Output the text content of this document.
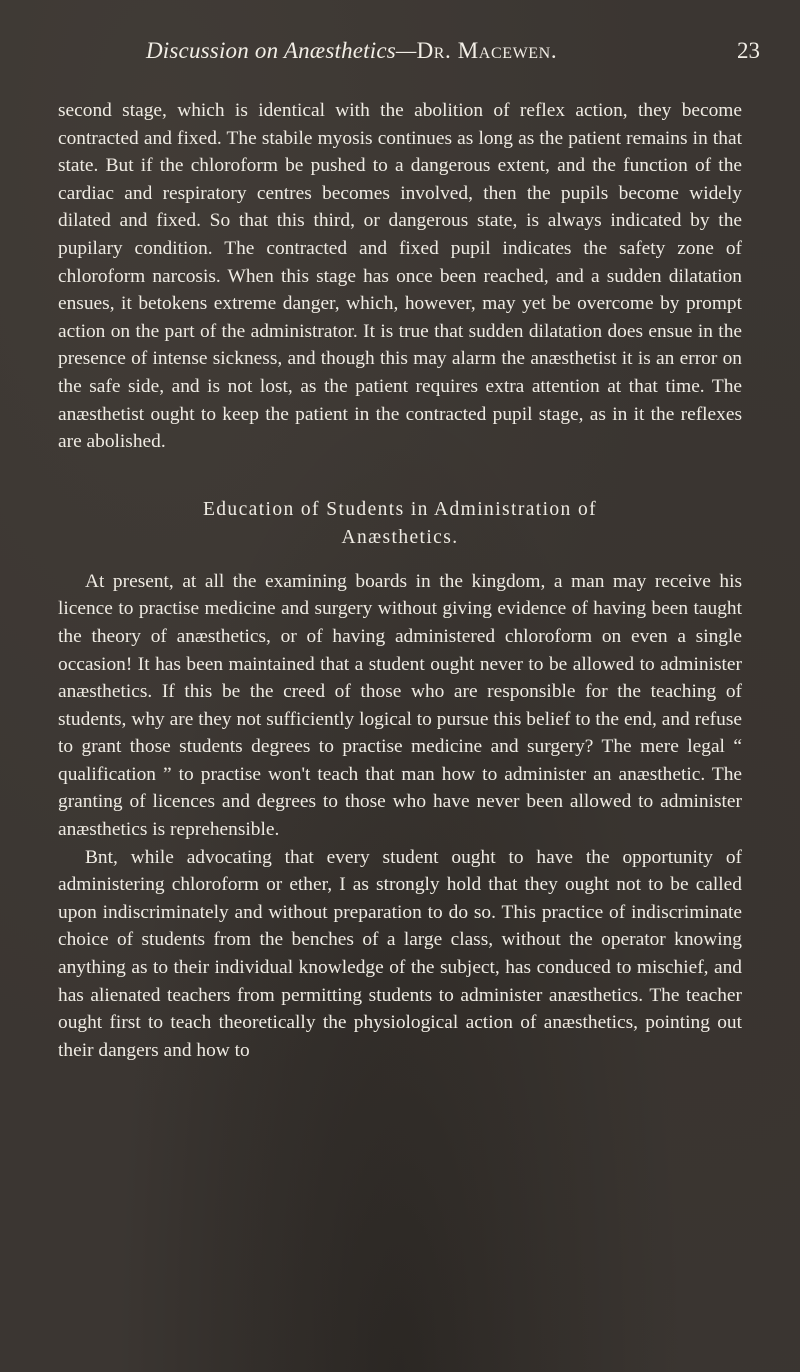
Discussion on Anæsthetics—Dr. Macewen.	23

second stage, which is identical with the abolition of reflex action, they become contracted and fixed. The stabile myosis continues as long as the patient remains in that state. But if the chloroform be pushed to a dangerous extent, and the function of the cardiac and respiratory centres becomes involved, then the pupils become widely dilated and fixed. So that this third, or dangerous state, is always indicated by the pupilary condition. The contracted and fixed pupil indicates the safety zone of chloroform narcosis. When this stage has once been reached, and a sudden dilatation ensues, it betokens extreme danger, which, however, may yet be overcome by prompt action on the part of the administrator. It is true that sudden dilatation does ensue in the presence of intense sickness, and though this may alarm the anæsthetist it is an error on the safe side, and is not lost, as the patient requires extra attention at that time. The anæsthetist ought to keep the patient in the contracted pupil stage, as in it the reflexes are abolished.

Education of Students in Administration of
Anæsthetics.

At present, at all the examining boards in the kingdom, a man may receive his licence to practise medicine and surgery without giving evidence of having been taught the theory of anæsthetics, or of having administered chloroform on even a single occasion! It has been maintained that a student ought never to be allowed to administer anæsthetics. If this be the creed of those who are responsible for the teaching of students, why are they not sufficiently logical to pursue this belief to the end, and refuse to grant those students degrees to practise medicine and surgery? The mere legal “ qualification ” to practise won't teach that man how to administer an anæsthetic. The granting of licences and degrees to those who have never been allowed to administer anæsthetics is reprehensible.

Bnt, while advocating that every student ought to have the opportunity of administering chloroform or ether, I as strongly hold that they ought not to be called upon indiscriminately and without preparation to do so. This practice of indiscriminate choice of students from the benches of a large class, without the operator knowing anything as to their individual knowledge of the subject, has conduced to mischief, and has alienated teachers from permitting students to administer anæsthetics. The teacher ought first to teach theoretically the physiological action of anæsthetics, pointing out their dangers and how to
